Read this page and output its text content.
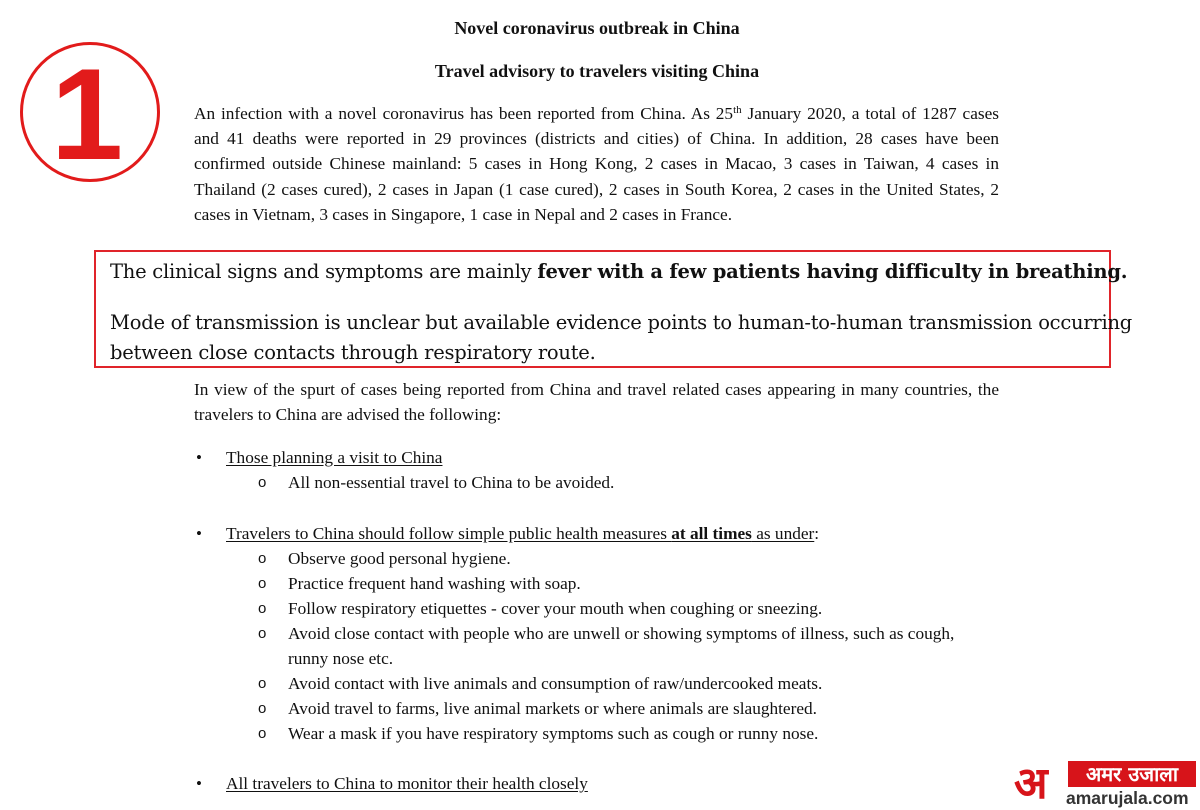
Novel coronavirus outbreak in China
Travel advisory to travelers visiting China
1	An infection with a novel coronavirus has been reported from China. As 25th January 2020, a total of 1287 cases and 41 deaths were reported in 29 provinces (districts and cities) of China. In addition, 28 cases have been confirmed outside Chinese mainland: 5 cases in Hong Kong, 2 cases in Macao, 3 cases in Taiwan, 4 cases in Thailand (2 cases cured), 2 cases in Japan (1 case cured), 2 cases in South Korea, 2 cases in the United States, 2 cases in Vietnam, 3 cases in Singapore, 1 case in Nepal and 2 cases in France.
The clinical signs and symptoms are mainly fever with a few patients having difficulty in breathing.
Mode of transmission is unclear but available evidence points to human-to-human transmission occurring
between close contacts through respiratory route.
In view of the spurt of cases being reported from China and travel related cases appearing in many countries, the travelers to China are advised the following:
• Those planning a visit to China
o All non-essential travel to China to be avoided.
• Travelers to China should follow simple public health measures at all times as under:
o Observe good personal hygiene.
o Practice frequent hand washing with soap.
o Follow respiratory etiquettes - cover your mouth when coughing or sneezing.
o Avoid close contact with people who are unwell or showing symptoms of illness, such as cough, runny nose etc.
o Avoid contact with live animals and consumption of raw/undercooked meats.
o Avoid travel to farms, live animal markets or where animals are slaughtered.
o Wear a mask if you have respiratory symptoms such as cough or runny nose.
• All travelers to China to monitor their health closely	अ	अमर उजाला
amarujala.com
